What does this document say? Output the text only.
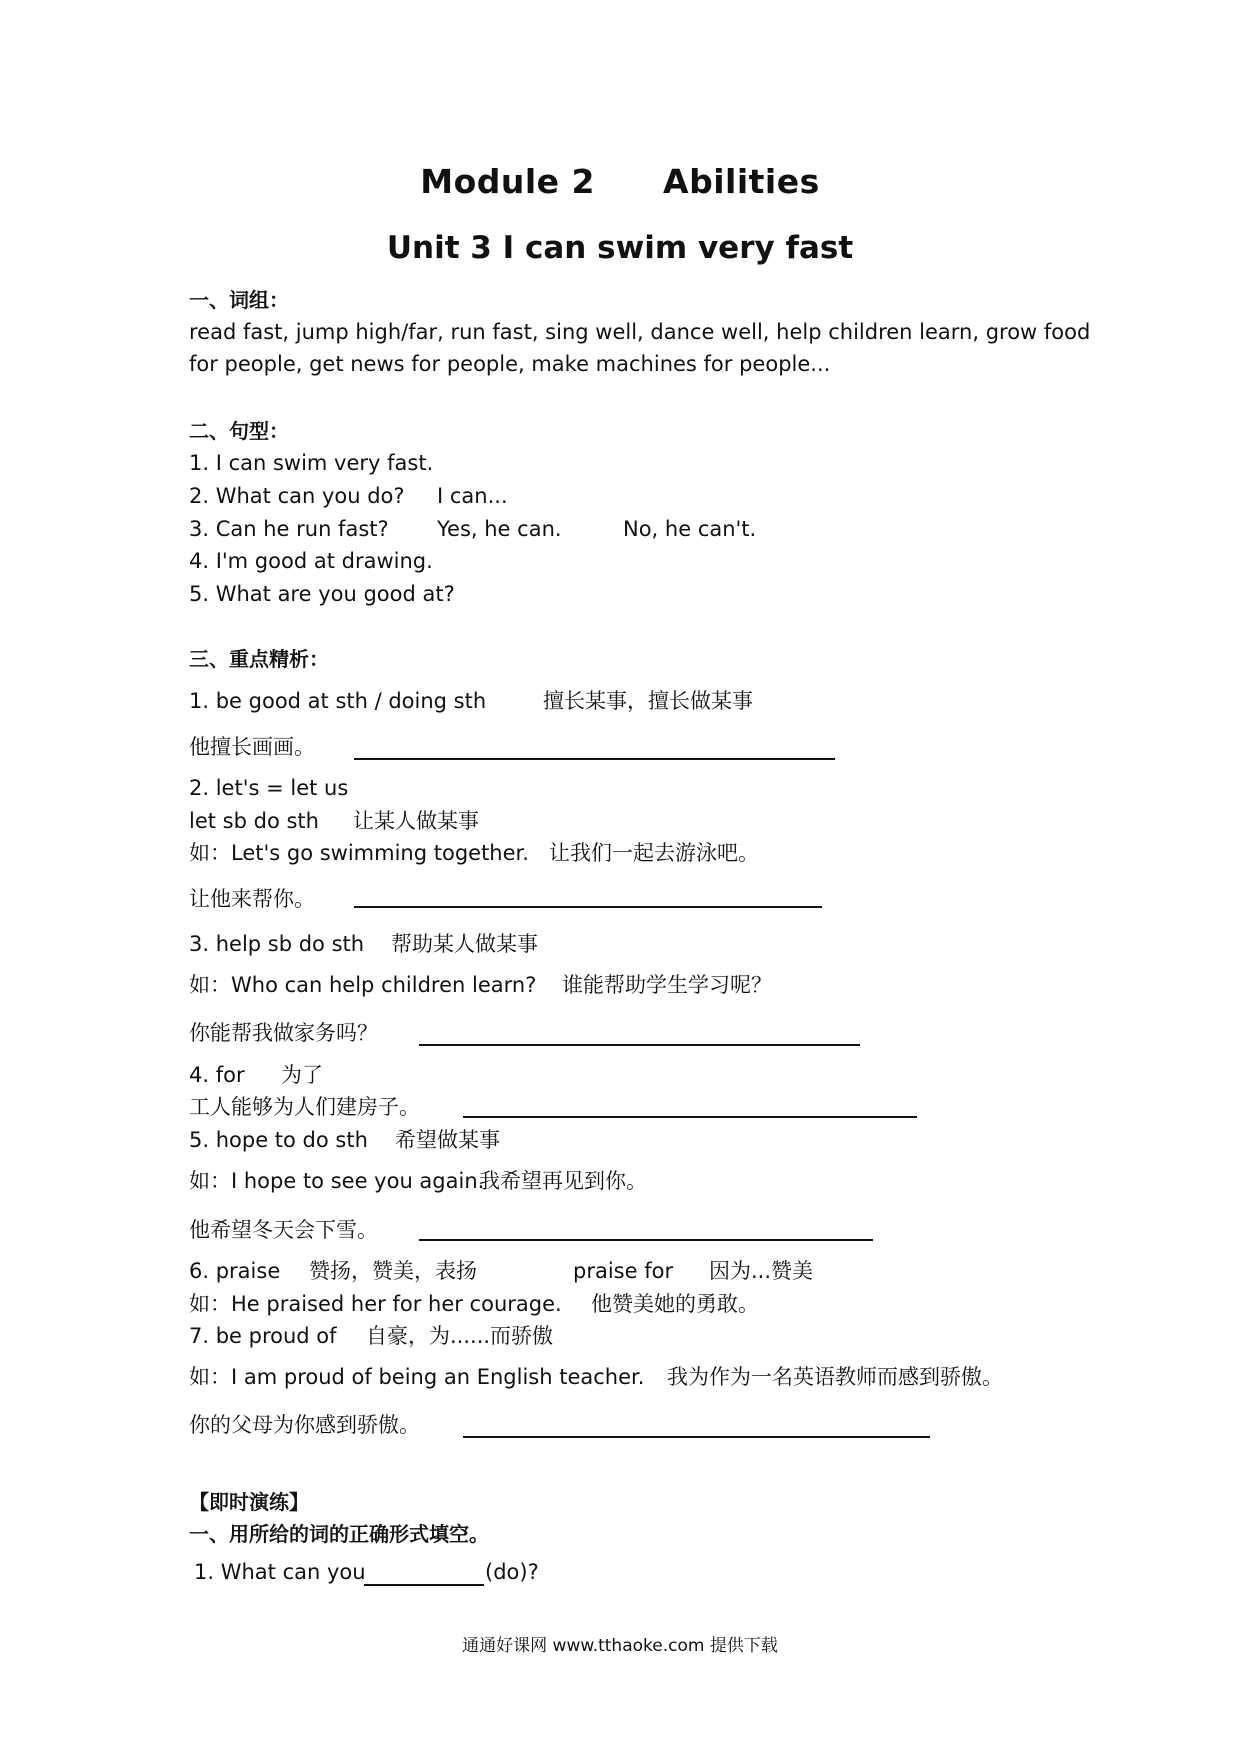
Module 2 Abilities
Unit 3 I can swim very fast
一、词组：
read fast, jump high/far, run fast, sing well, dance well, help children learn, grow food
for people, get news for people, make machines for people...
二、句型：
1. I can swim very fast.
2. What can you do? I can...
3. Can he run fast? Yes, he can.	No, he can't.
4. I'm good at drawing.
5. What are you good at?
三、重点精析：
1. be good at sth / doing sth	擅长某事，擅长做某事
他擅长画画。
2. let's = let us
let sb do sth 让某人做某事
如：Let's go swimming together. 让我们一起去游泳吧。
让他来帮你。
3. help sb do sth 帮助某人做某事
如：Who can help children learn? 谁能帮助学生学习呢？
你能帮我做家务吗？
4. for 为了
工人能够为人们建房子。
5. hope to do sth 希望做某事
如：I hope to see you again.
我希望再见到你。
他希望冬天会下雪。
6. praise 赞扬，赞美，表扬	praise for 因为...赞美
如：He praised her for her courage. 他赞美她的勇敢。
7. be proud of 自豪，为......而骄傲
如：I am proud of being an English teacher. 我为作为一名英语教师而感到骄傲。
你的父母为你感到骄傲。
【即时演练】
一、用所给的词的正确形式填空。
1. What can you	(do)?
通通好课网 www.tthaoke.com 提供下载
